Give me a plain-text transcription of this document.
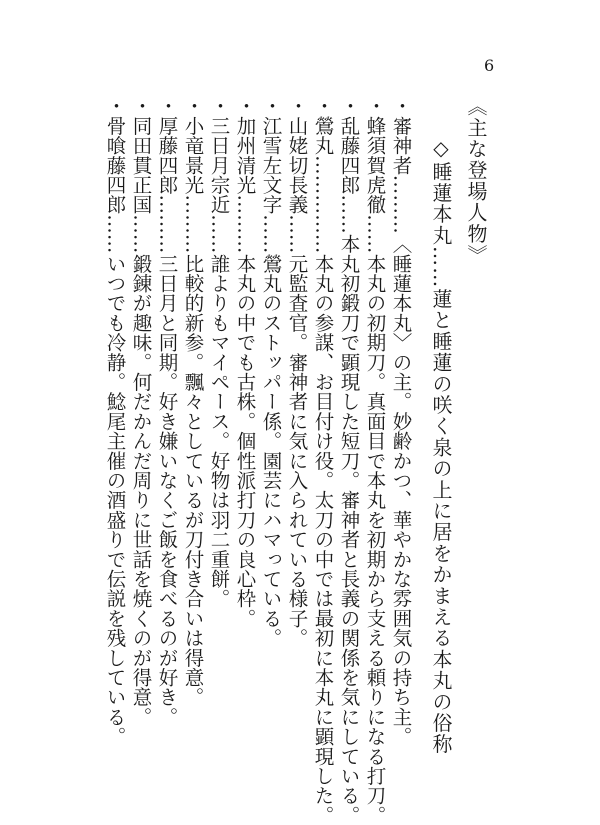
6
《主な登場人物》
◇睡蓮本丸……蓮と睡蓮の咲く泉の上に居をかまえる本丸の俗称
・審神者………〈睡蓮本丸〉の主。妙齢かつ、華やかな雰囲気の持ち主。
・蜂須賀虎徹……本丸の初期刀。真面目で本丸を初期から支える頼りになる打刀。
・乱藤四郎……本丸初鍛刀で顕現した短刀。審神者と長義の関係を気にしている。
・鶯丸……………本丸の参謀、お目付け役。太刀の中では最初に本丸に顕現した。
・山姥切長義……元監査官。審神者に気に入られている様子。
・江雪左文字……鶯丸のストッパー係。園芸にハマっている。
・加州清光………本丸の中でも古株。個性派打刀の良心枠。
・三日月宗近……誰よりもマイペース。好物は羽二重餅。
・小竜景光………比較的新参。飄々としているが刀付き合いは得意。
・厚藤四郎………三日月と同期。好き嫌いなくご飯を食べるのが好き。
・同田貫正国……鍛錬が趣味。何だかんだ周りに世話を焼くのが得意。
・骨喰藤四郎……いつでも冷静。鯰尾主催の酒盛りで伝説を残している。
